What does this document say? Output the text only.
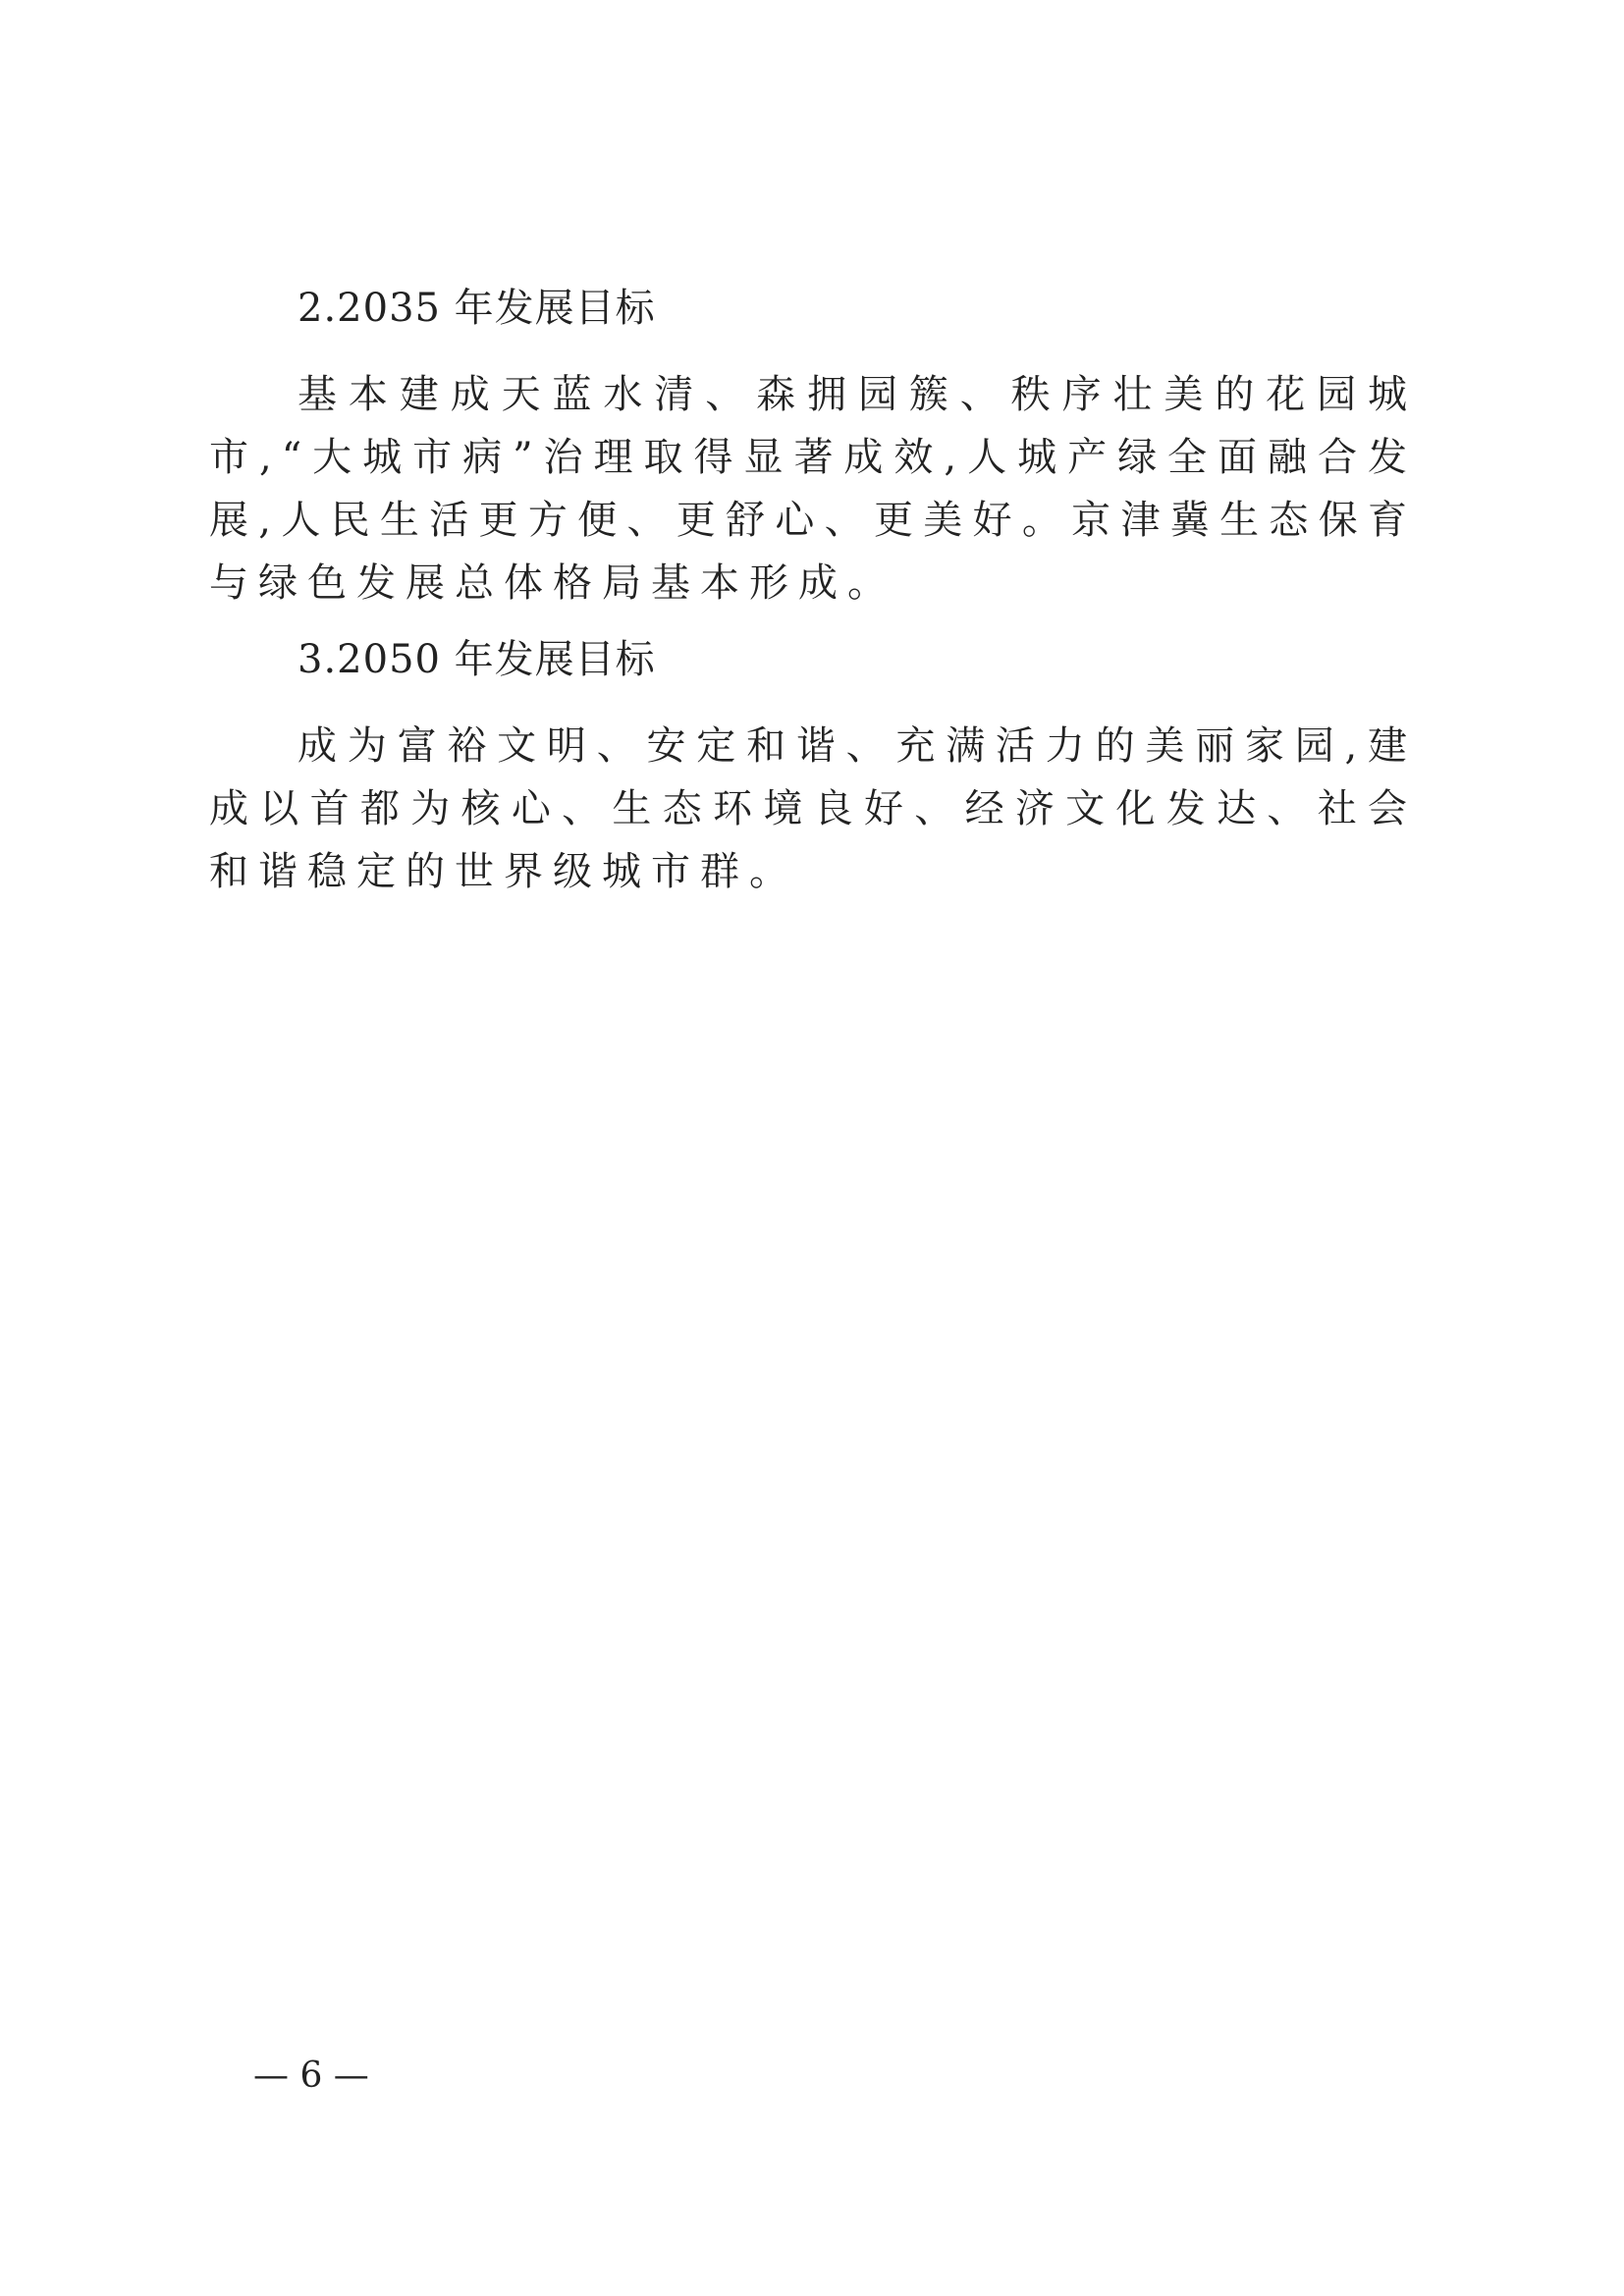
2.2035 年发展目标

基本建成天蓝水清、森拥园簇、秩序壮美的花园城市,“大城市病”治理取得显著成效,人城产绿全面融合发展,人民生活更方便、更舒心、更美好。京津冀生态保育与绿色发展总体格局基本形成。

3.2050 年发展目标

成为富裕文明、安定和谐、充满活力的美丽家园,建成以首都为核心、生态环境良好、经济文化发达、社会和谐稳定的世界级城市群。

— 6 —
